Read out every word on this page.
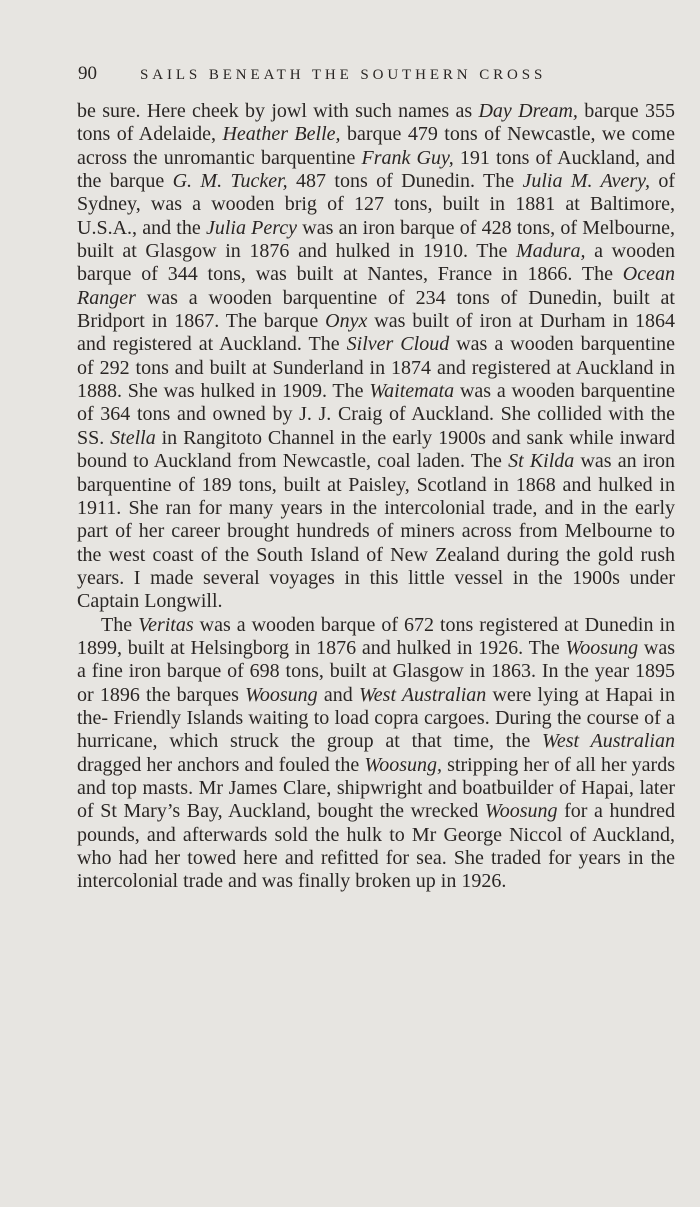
90	SAILS BENEATH THE SOUTHERN CROSS

be sure. Here cheek by jowl with such names as Day Dream, barque 355 tons of Adelaide, Heather Belle, barque 479 tons of Newcastle, we come across the unromantic barquentine Frank Guy, 191 tons of Auckland, and the barque G. M. Tucker, 487 tons of Dunedin. The Julia M. Avery, of Sydney, was a wooden brig of 127 tons, built in 1881 at Baltimore, U.S.A., and the Julia Percy was an iron barque of 428 tons, of Melbourne, built at Glasgow in 1876 and hulked in 1910. The Madura, a wooden barque of 344 tons, was built at Nantes, France in 1866. The Ocean Ranger was a wooden barquentine of 234 tons of Dunedin, built at Bridport in 1867. The barque Onyx was built of iron at Durham in 1864 and registered at Auckland. The Silver Cloud was a wooden barquentine of 292 tons and built at Sunderland in 1874 and registered at Auckland in 1888. She was hulked in 1909. The Waitemata was a wooden barquentine of 364 tons and owned by J. J. Craig of Auckland. She collided with the SS. Stella in Rangitoto Channel in the early 1900s and sank while inward bound to Auckland from Newcastle, coal laden. The St Kilda was an iron barquentine of 189 tons, built at Paisley, Scotland in 1868 and hulked in 1911. She ran for many years in the intercolonial trade, and in the early part of her career brought hundreds of miners across from Melbourne to the west coast of the South Island of New Zealand during the gold rush years. I made several voyages in this little vessel in the 1900s under Captain Longwill.

The Veritas was a wooden barque of 672 tons registered at Dunedin in 1899, built at Helsingborg in 1876 and hulked in 1926. The Woosung was a fine iron barque of 698 tons, built at Glasgow in 1863. In the year 1895 or 1896 the barques Woosung and West Australian were lying at Hapai in the‐ Friendly Islands waiting to load copra cargoes. During the course of a hurricane, which struck the group at that time, the West Australian dragged her anchors and fouled the Woosung, stripping her of all her yards and top masts. Mr James Clare, shipwright and boatbuilder of Hapai, later of St Mary’s Bay, Auckland, bought the wrecked Woosung for a hundred pounds, and afterwards sold the hulk to Mr George Niccol of Auckland, who had her towed here and refitted for sea. She traded for years in the intercolonial trade and was finally broken up in 1926.
